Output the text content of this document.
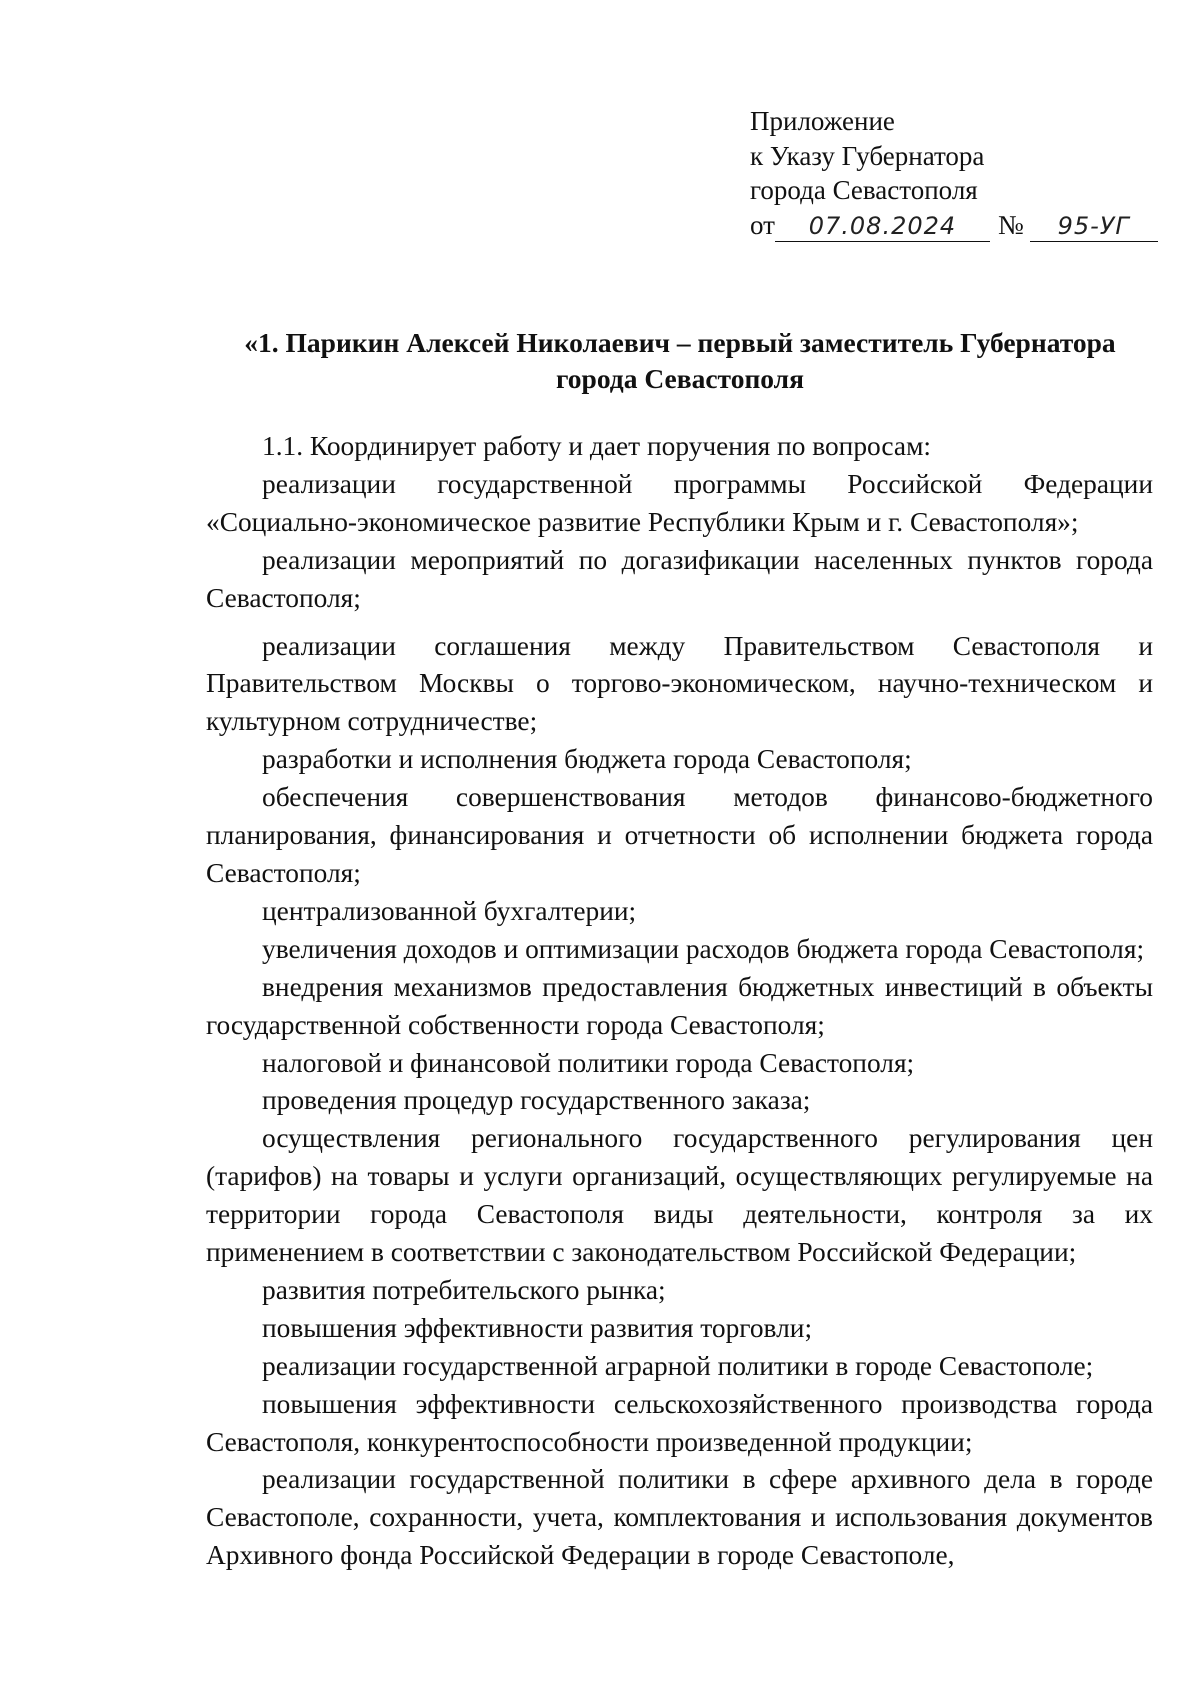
Приложение
к Указу Губернатора
города Севастополя
от 07.08.2024 № 95-УГ
«1. Парикин Алексей Николаевич – первый заместитель Губернатора
города Севастополя

1.1. Координирует работу и дает поручения по вопросам:

реализации государственной программы Российской Федерации «Социально-экономическое развитие Республики Крым и г. Севастополя»;

реализации мероприятий по догазификации населенных пунктов города Севастополя;

реализации соглашения между Правительством Севастополя и Правительством Москвы о торгово-экономическом, научно-техническом и культурном сотрудничестве;

разработки и исполнения бюджета города Севастополя;

обеспечения совершенствования методов финансово-бюджетного планирования, финансирования и отчетности об исполнении бюджета города Севастополя;

централизованной бухгалтерии;

увеличения доходов и оптимизации расходов бюджета города Севастополя;

внедрения механизмов предоставления бюджетных инвестиций в объекты государственной собственности города Севастополя;

налоговой и финансовой политики города Севастополя;

проведения процедур государственного заказа;

осуществления регионального государственного регулирования цен (тарифов) на товары и услуги организаций, осуществляющих регулируемые на территории города Севастополя виды деятельности, контроля за их применением в соответствии с законодательством Российской Федерации;

развития потребительского рынка;

повышения эффективности развития торговли;

реализации государственной аграрной политики в городе Севастополе;

повышения эффективности сельскохозяйственного производства города Севастополя, конкурентоспособности произведенной продукции;

реализации государственной политики в сфере архивного дела в городе Севастополе, сохранности, учета, комплектования и использования документов Архивного фонда Российской Федерации в городе Севастополе,
